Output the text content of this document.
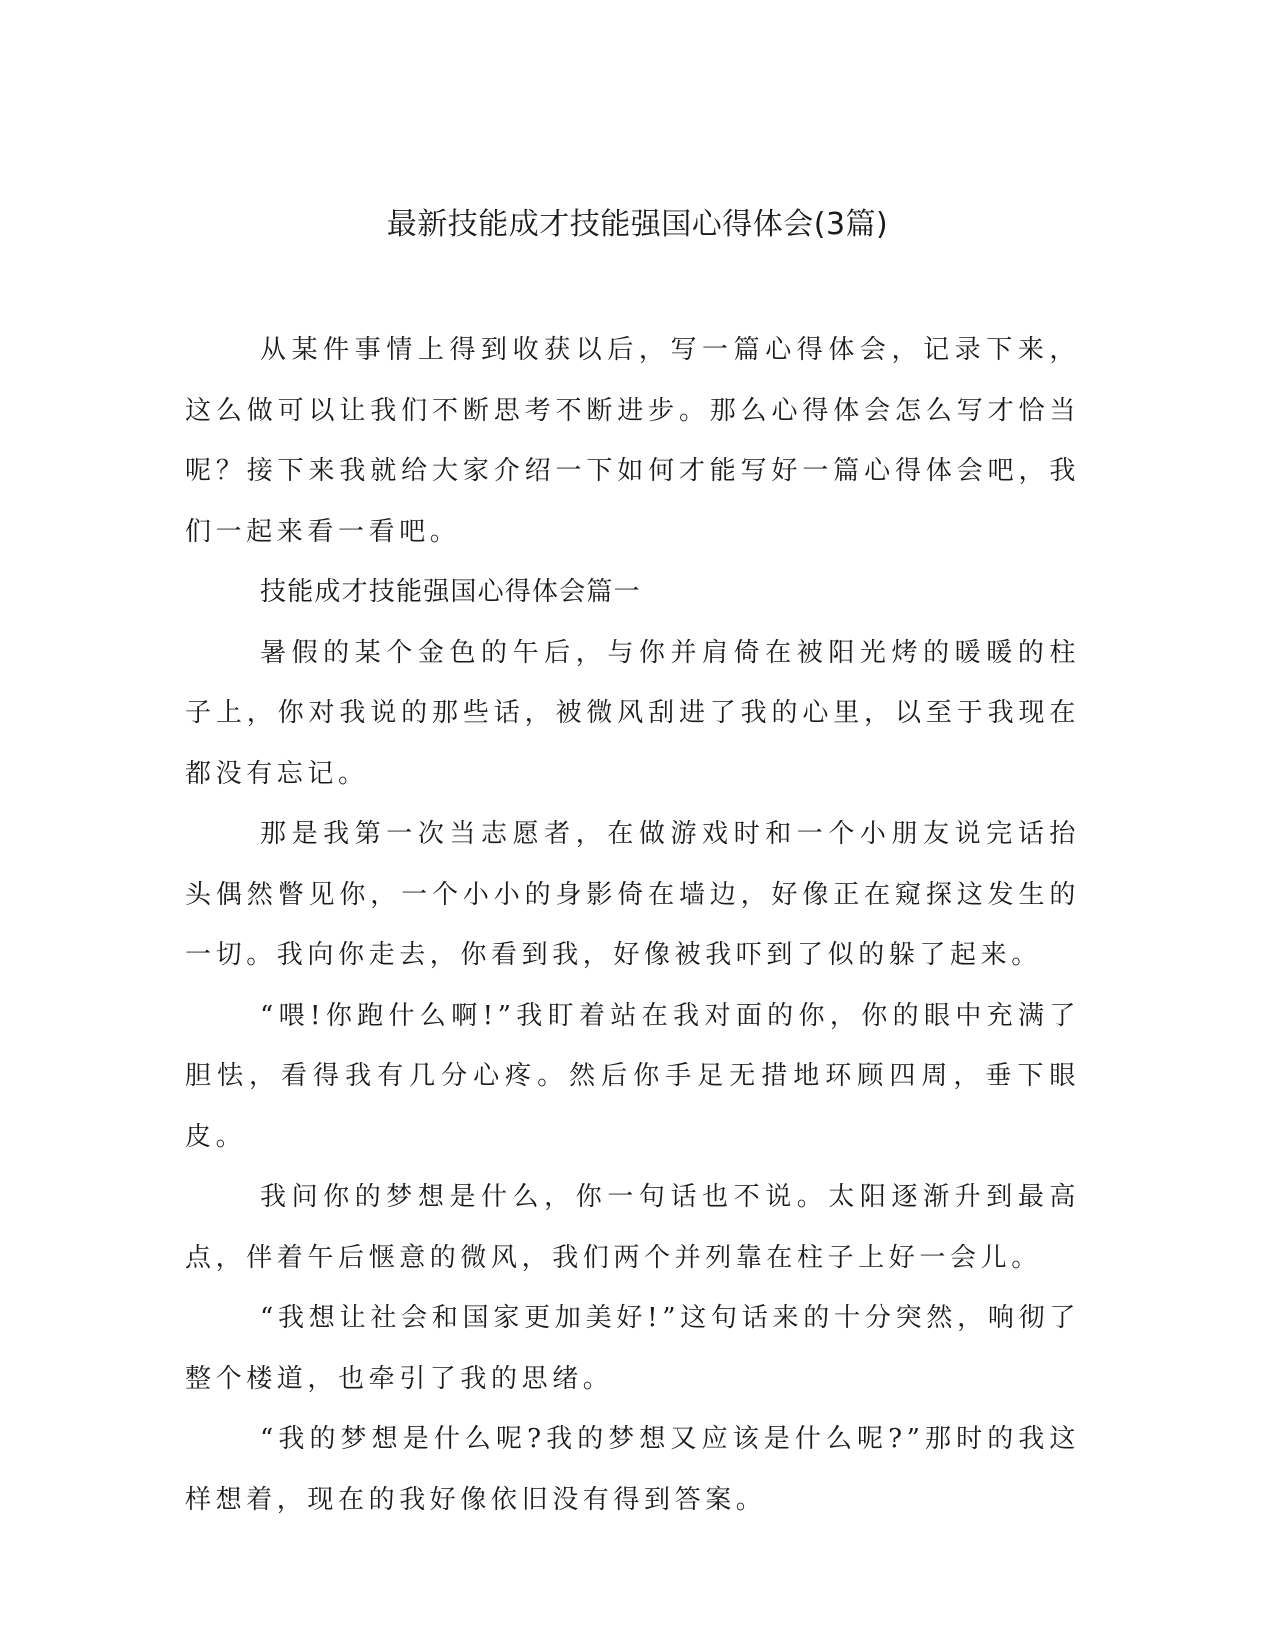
最新技能成才技能强国心得体会(3篇)

从某件事情上得到收获以后，写一篇心得体会，记录下来，这么做可以让我们不断思考不断进步。那么心得体会怎么写才恰当呢？接下来我就给大家介绍一下如何才能写好一篇心得体会吧，我们一起来看一看吧。

技能成才技能强国心得体会篇一

暑假的某个金色的午后，与你并肩倚在被阳光烤的暖暖的柱子上，你对我说的那些话，被微风刮进了我的心里，以至于我现在都没有忘记。

那是我第一次当志愿者，在做游戏时和一个小朋友说完话抬头偶然瞥见你，一个小小的身影倚在墙边，好像正在窥探这发生的一切。我向你走去，你看到我，好像被我吓到了似的躲了起来。

“喂!你跑什么啊!”我盯着站在我对面的你，你的眼中充满了胆怯，看得我有几分心疼。然后你手足无措地环顾四周，垂下眼皮。

我问你的梦想是什么，你一句话也不说。太阳逐渐升到最高点，伴着午后惬意的微风，我们两个并列靠在柱子上好一会儿。

“我想让社会和国家更加美好!”这句话来的十分突然，响彻了整个楼道，也牵引了我的思绪。

“我的梦想是什么呢?我的梦想又应该是什么呢?”那时的我这样想着，现在的我好像依旧没有得到答案。
